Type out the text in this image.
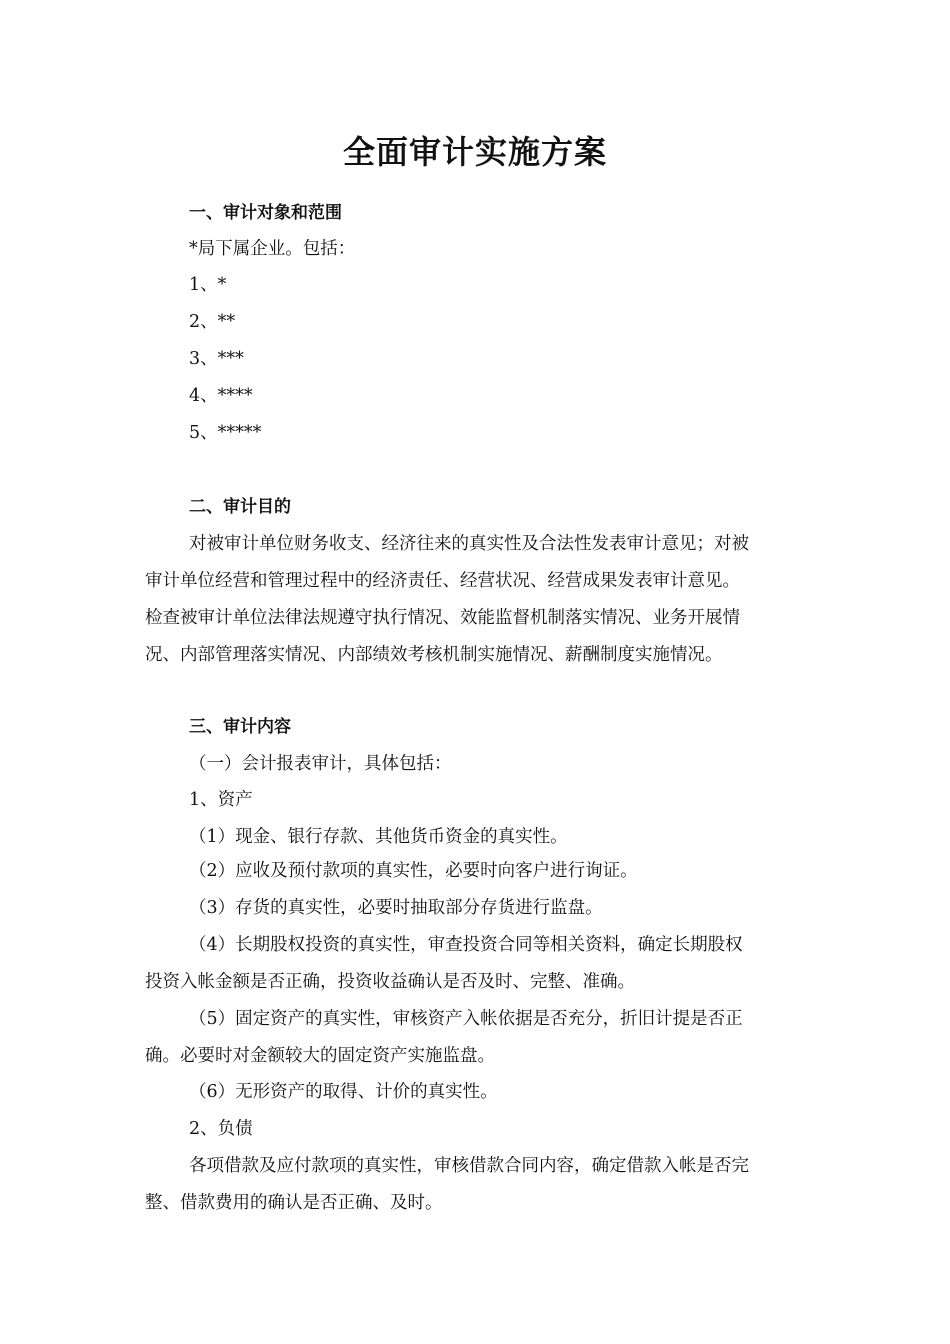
全面审计实施方案
一、审计对象和范围
*局下属企业。包括：
1、*
2、**
3、***
4、****
5、*****
二、审计目的
对被审计单位财务收支、经济往来的真实性及合法性发表审计意见；对被
审计单位经营和管理过程中的经济责任、经营状况、经营成果发表审计意见。
检查被审计单位法律法规遵守执行情况、效能监督机制落实情况、业务开展情
况、内部管理落实情况、内部绩效考核机制实施情况、薪酬制度实施情况。
三、审计内容
（一）会计报表审计，具体包括：
1、资产
（1）现金、银行存款、其他货币资金的真实性。
（2）应收及预付款项的真实性，必要时向客户进行询证。
（3）存货的真实性，必要时抽取部分存货进行监盘。
（4）长期股权投资的真实性，审查投资合同等相关资料，确定长期股权
投资入帐金额是否正确，投资收益确认是否及时、完整、准确。
（5）固定资产的真实性，审核资产入帐依据是否充分，折旧计提是否正
确。必要时对金额较大的固定资产实施监盘。
（6）无形资产的取得、计价的真实性。
2、负债
各项借款及应付款项的真实性，审核借款合同内容，确定借款入帐是否完
整、借款费用的确认是否正确、及时。
